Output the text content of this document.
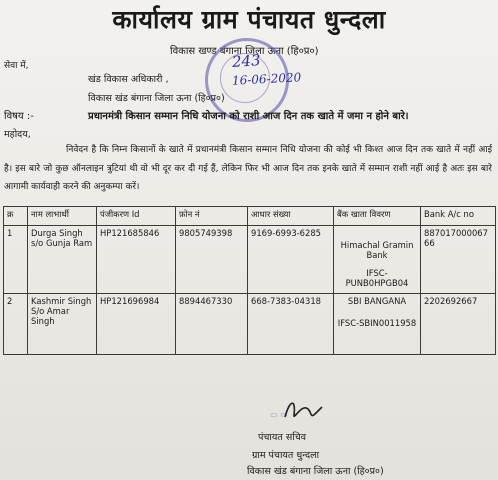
कार्यालय ग्राम पंचायत धुन्दला
विकास खण्ड बंगाना जिला ऊना (हि०प्र०)
243
16-06-2020
सेवा में,
खंड विकास अधिकारी ,
विकास खंड बंगाना जिला ऊना (हि०प्र०)
विषय :-	प्रधानमंत्री किसान सम्मान निधि योजना को राशी आज दिन तक खाते में जमा न होने बारे।
महोदय,
निवेदन है कि निम्न किसानों के खाते में प्रधानमंत्री किसान सम्मान निधि योजना की कोई भी किश्त आज दिन तक खाते में नहीं आई है। इस बारे जो कुछ ऑनलाइन त्रुटियां थी वो भी दूर कर दी गई हैं, लेकिन फिर भी आज दिन तक इनके खाते में सम्मान राशी नहीं आई है अतः इस बारे आगामी कार्यवाही करने की अनुकम्पा करें।
क्र	नाम लाभार्थी	पंजीकरण Id	फ़ोन नं	आधार संख्या	बैंक खाता विवरण	Bank A/c no
1	Durga Singh s/o Gunja Ram	HP121685846	9805749398	9169-6993-6285	Himachal Gramin Bank
IFSC-PUNB0HPGB04	88701700006766
2	Kashmir Singh S/o Amar Singh	HP121696984	8894467330	668-7383-04318	SBI BANGANA
IFSC-SBIN0011958	2202692667
▭ ▭
पंचायत सचिव
ग्राम पंचायत धुन्दला
विकास खंड बंगाना जिला ऊना (हि०प्र०)
